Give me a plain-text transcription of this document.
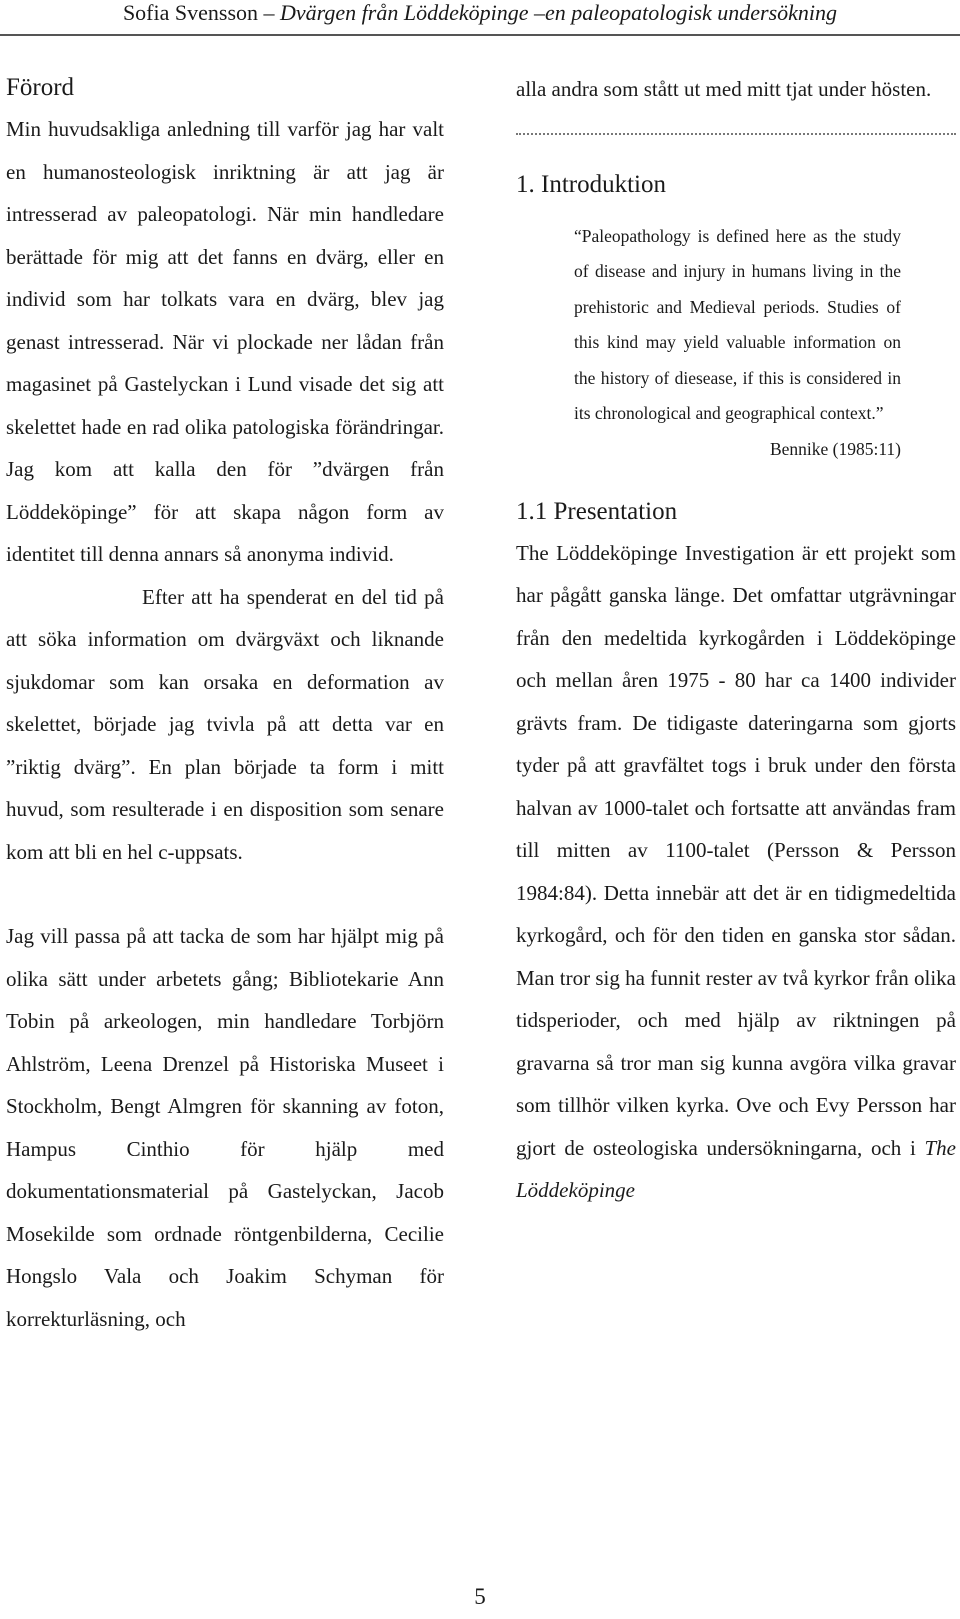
Sofia Svensson – Dvärgen från Löddeköpinge –en paleopatologisk undersökning
Förord

Min huvudsakliga anledning till varför jag har valt en humanosteologisk inriktning är att jag är intresserad av paleopatologi. När min handledare berättade för mig att det fanns en dvärg, eller en individ som har tolkats vara en dvärg, blev jag genast intresserad. När vi plockade ner lådan från magasinet på Gastelyckan i Lund visade det sig att skelettet hade en rad olika patologiska förändringar. Jag kom att kalla den för ”dvärgen från Löddeköpinge” för att skapa någon form av identitet till denna annars så anonyma individ.

Efter att ha spenderat en del tid på att söka information om dvärgväxt och liknande sjukdomar som kan orsaka en deformation av skelettet, började jag tvivla på att detta var en ”riktig dvärg”. En plan började ta form i mitt huvud, som resulterade i en disposition som senare kom att bli en hel c-uppsats.

Jag vill passa på att tacka de som har hjälpt mig på olika sätt under arbetets gång; Bibliotekarie Ann Tobin på arkeologen, min handledare Torbjörn Ahlström, Leena Drenzel på Historiska Museet i Stockholm, Bengt Almgren för skanning av foton, Hampus Cinthio för hjälp med dokumentationsmaterial på Gastelyckan, Jacob Mosekilde som ordnade röntgenbilderna, Cecilie Hongslo Vala och Joakim Schyman för korrekturläsning, och

alla andra som stått ut med mitt tjat under hösten.

1. Introduktion
“Paleopathology is defined here as the study of disease and injury in humans living in the prehistoric and Medieval periods. Studies of this kind may yield valuable information on the history of diesease, if this is considered in its chronological and geographical context.”
Bennike (1985:11)
1.1 Presentation

The Löddeköpinge Investigation är ett projekt som har pågått ganska länge. Det omfattar utgrävningar från den medeltida kyrkogården i Löddeköpinge och mellan åren 1975 - 80 har ca 1400 individer grävts fram. De tidigaste dateringarna som gjorts tyder på att gravfältet togs i bruk under den första halvan av 1000-talet och fortsatte att användas fram till mitten av 1100-talet (Persson & Persson 1984:84). Detta innebär att det är en tidigmedeltida kyrkogård, och för den tiden en ganska stor sådan. Man tror sig ha funnit rester av två kyrkor från olika tidsperioder, och med hjälp av riktningen på gravarna så tror man sig kunna avgöra vilka gravar som tillhör vilken kyrka. Ove och Evy Persson har gjort de osteologiska undersökningarna, och i The Löddeköpinge

5
